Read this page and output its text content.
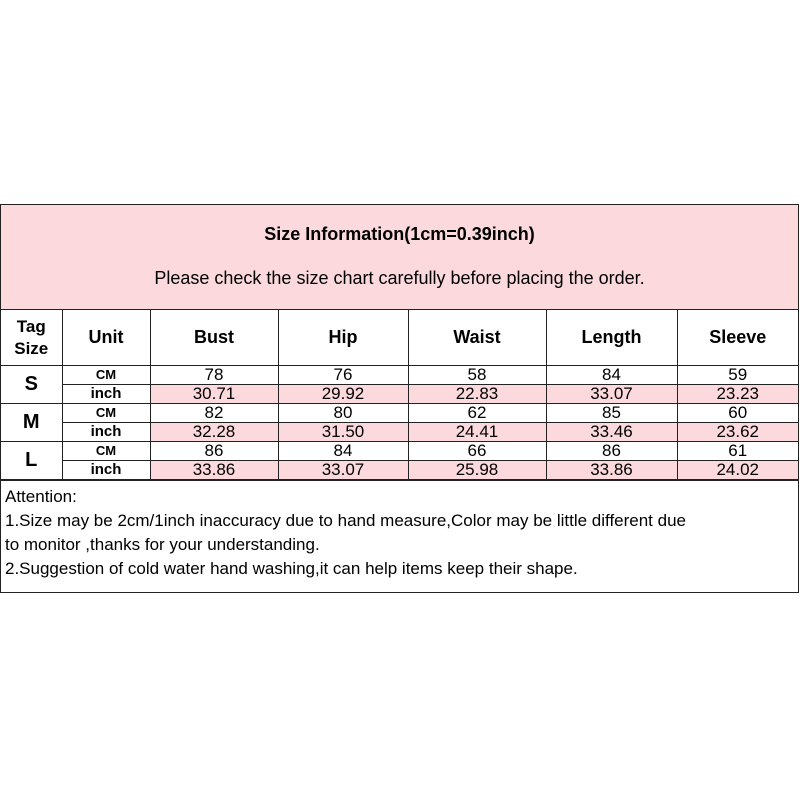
Size Information(1cm=0.39inch)
Please check the size chart carefully before placing the order.
Tag
Size	Unit	Bust	Hip	Waist	Length	Sleeve
S	CM	78	76	58	84	59
	inch	30.71	29.92	22.83	33.07	23.23
M	CM	82	80	62	85	60
	inch	32.28	31.50	24.41	33.46	23.62
L	CM	86	84	66	86	61
	inch	33.86	33.07	25.98	33.86	24.02
Attention:
1.Size may be 2cm/1inch inaccuracy due to hand measure,Color may be little different due
to monitor ,thanks for your understanding.
2.Suggestion of cold water hand washing,it can help items keep their shape.
